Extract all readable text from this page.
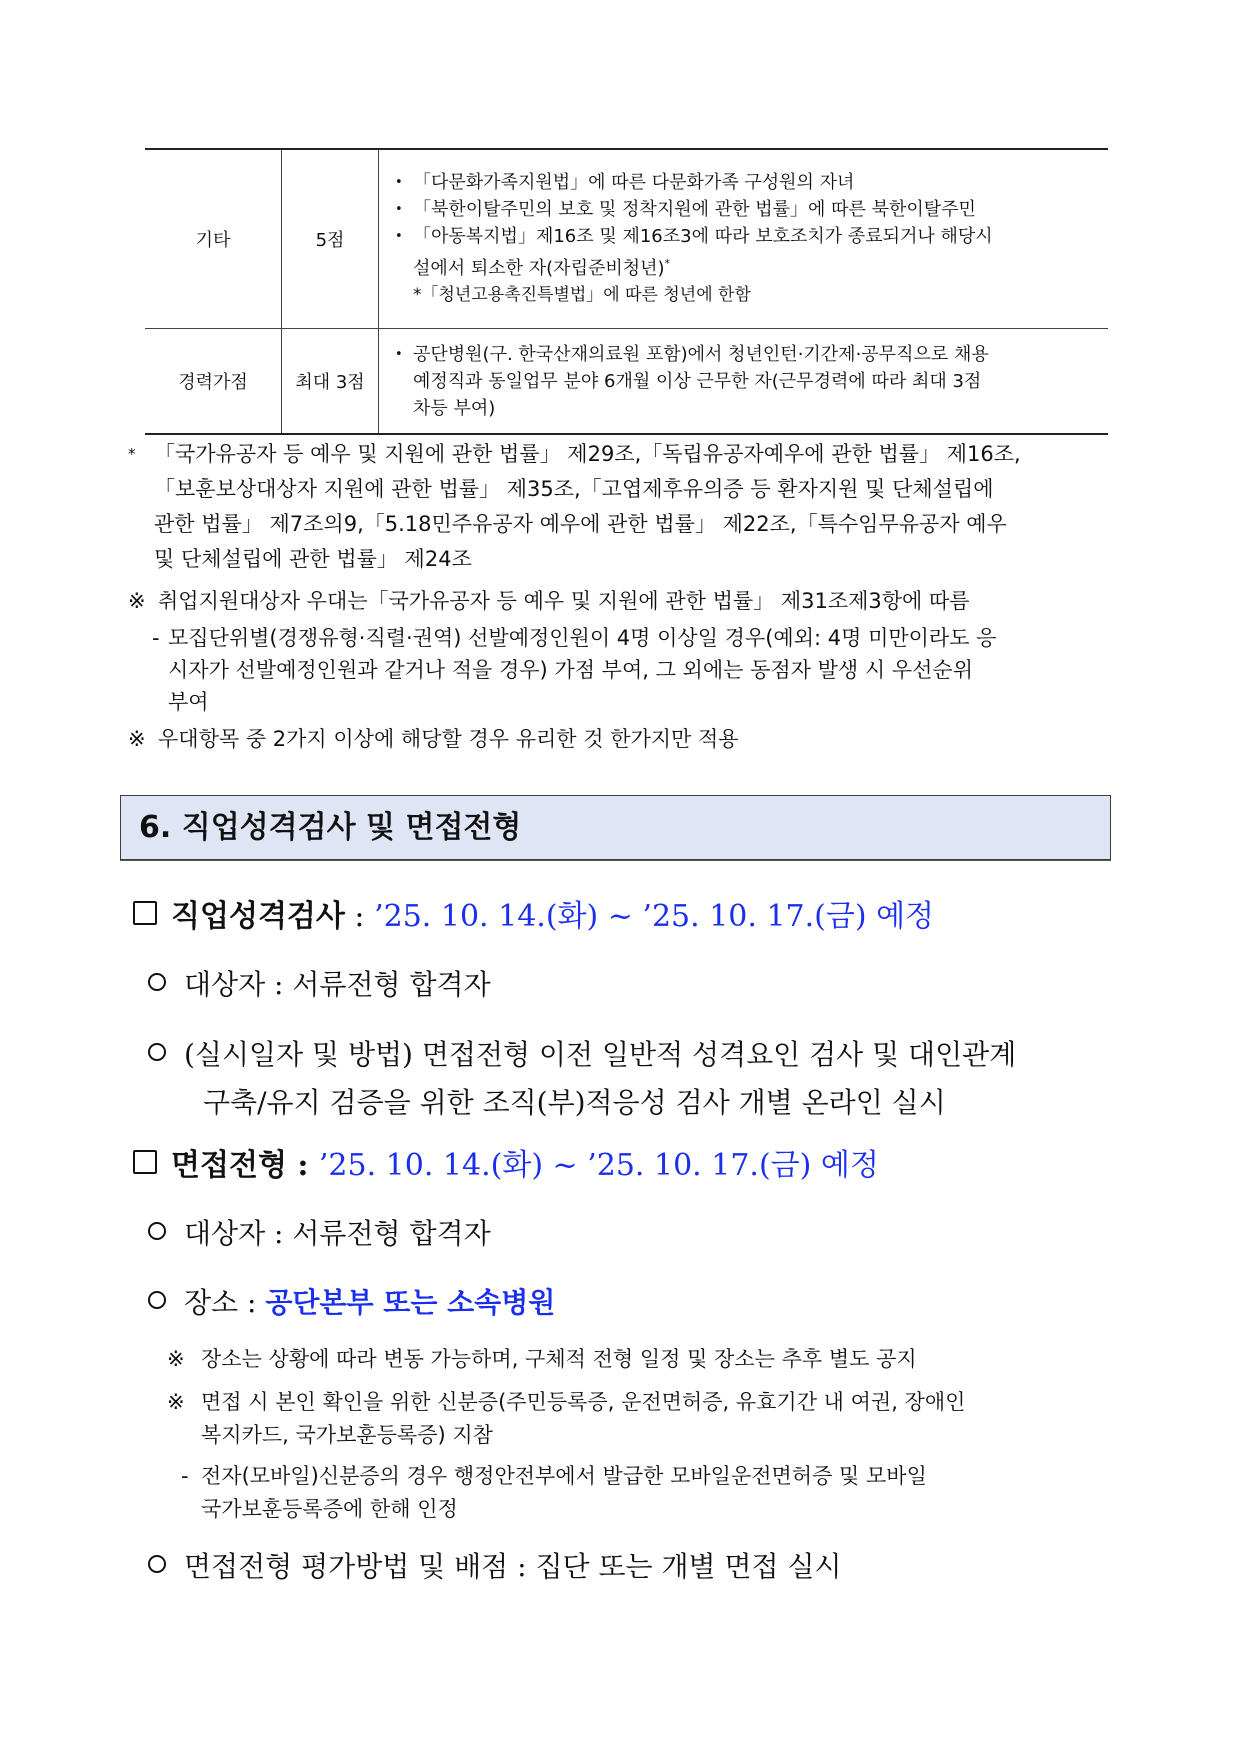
기타	5점	• 「다문화가족지원법」에 따른 다문화가족 구성원의 자녀
• 「북한이탈주민의 보호 및 정착지원에 관한 법률」에 따른 북한이탈주민
• 「아동복지법」제16조 및 제16조3에 따라 보호조치가 종료되거나 해당시
설에서 퇴소한 자(자립준비청년)*
*「청년고용촉진특별법」에 따른 청년에 한함

경력가점	최대 3점	• 공단병원(구. 한국산재의료원 포함)에서 청년인턴·기간제·공무직으로 채용
예정직과 동일업무 분야 6개월 이상 근무한 자(근무경력에 따라 최대 3점
차등 부여)
* 「국가유공자 등 예우 및 지원에 관한 법률」 제29조,「독립유공자예우에 관한 법률」 제16조,
「보훈보상대상자 지원에 관한 법률」 제35조,「고엽제후유의증 등 환자지원 및 단체설립에
관한 법률」 제7조의9,「5.18민주유공자 예우에 관한 법률」 제22조,「특수임무유공자 예우
및 단체설립에 관한 법률」 제24조
※ 취업지원대상자 우대는「국가유공자 등 예우 및 지원에 관한 법률」 제31조제3항에 따름
- 모집단위별(경쟁유형·직렬·권역) 선발예정인원이 4명 이상일 경우(예외: 4명 미만이라도 응
시자가 선발예정인원과 같거나 적을 경우) 가점 부여, 그 외에는 동점자 발생 시 우선순위
부여
※ 우대항목 중 2가지 이상에 해당할 경우 유리한 것 한가지만 적용
6. 직업성격검사 및 면접전형
직업성격검사 : ’25. 10. 14.(화) ~ ’25. 10. 17.(금) 예정
대상자 : 서류전형 합격자
(실시일자 및 방법) 면접전형 이전 일반적 성격요인 검사 및 대인관계
구축/유지 검증을 위한 조직(부)적응성 검사 개별 온라인 실시
면접전형 : ’25. 10. 14.(화) ~ ’25. 10. 17.(금) 예정
대상자 : 서류전형 합격자
장소 : 공단본부 또는 소속병원
※ 장소는 상황에 따라 변동 가능하며, 구체적 전형 일정 및 장소는 추후 별도 공지
※ 면접 시 본인 확인을 위한 신분증(주민등록증, 운전면허증, 유효기간 내 여권, 장애인
복지카드, 국가보훈등록증) 지참
- 전자(모바일)신분증의 경우 행정안전부에서 발급한 모바일운전면허증 및 모바일
국가보훈등록증에 한해 인정
면접전형 평가방법 및 배점 : 집단 또는 개별 면접 실시
